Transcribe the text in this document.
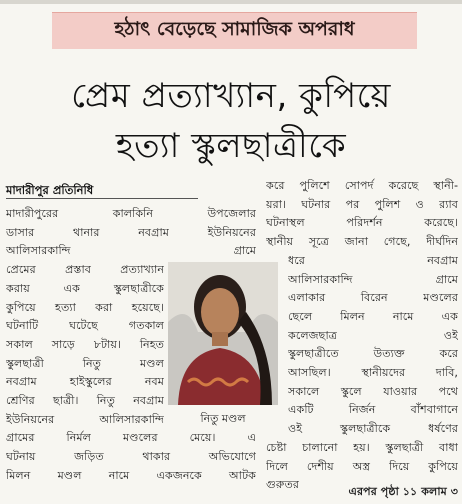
হঠাৎ বেড়েছে সামাজিক অপরাধ
প্রেম প্রত্যাখ্যান, কুপিয়ে
হত্যা স্কুলছাত্রীকে
মাদারীপুর প্রতিনিধি
মাদারীপুরের কালকিনি উপজেলার
ডাসার থানার নবগ্রাম ইউনিয়নের
আলিসারকান্দি গ্রামে
প্রেমের প্রস্তাব প্রত্যাখ্যান
করায় এক স্কুলছাত্রীকে
কুপিয়ে হত্যা করা হয়েছে।
ঘটনাটি ঘটেছে গতকাল
সকাল সাড়ে ৮টায়। নিহত
স্কুলছাত্রী নিতু মণ্ডল
নবগ্রাম হাইস্কুলের নবম
শ্রেণির ছাত্রী। নিতু নবগ্রাম
ইউনিয়নের আলিসারকান্দি
গ্রামের নির্মল মণ্ডলের মেয়ে। এ
ঘটনায় জড়িত থাকার অভিযোগে
মিলন মণ্ডল নামে একজনকে আটক
করে পুলিশে সোপর্দ করেছে স্থানী-
য়রা। ঘটনার পর পুলিশ ও র‍্যাব
ঘটনাস্থল পরিদর্শন করেছে।
স্থানীয় সূত্রে জানা গেছে, দীর্ঘদিন
ধরে নবগ্রাম
আলিসারকান্দি গ্রামে
এলাকার বিরেন মণ্ডলের
ছেলে মিলন নামে এক
কলেজছাত্র ওই
স্কুলছাত্রীতে উত্যক্ত করে
আসছিল। স্থানীয়দের দাবি,
সকালে স্কুলে যাওয়ার পথে
একটি নির্জন বাঁশবাগানে
ওই স্কুলছাত্রীকে ধর্ষণের
চেষ্টা চালানো হয়। স্কুলছাত্রী বাধা
দিলে দেশীয় অস্ত্র দিয়ে কুপিয়ে
গুরুতর
এরপর পৃষ্ঠা ১১ কলাম ৩
নিতু মণ্ডল
